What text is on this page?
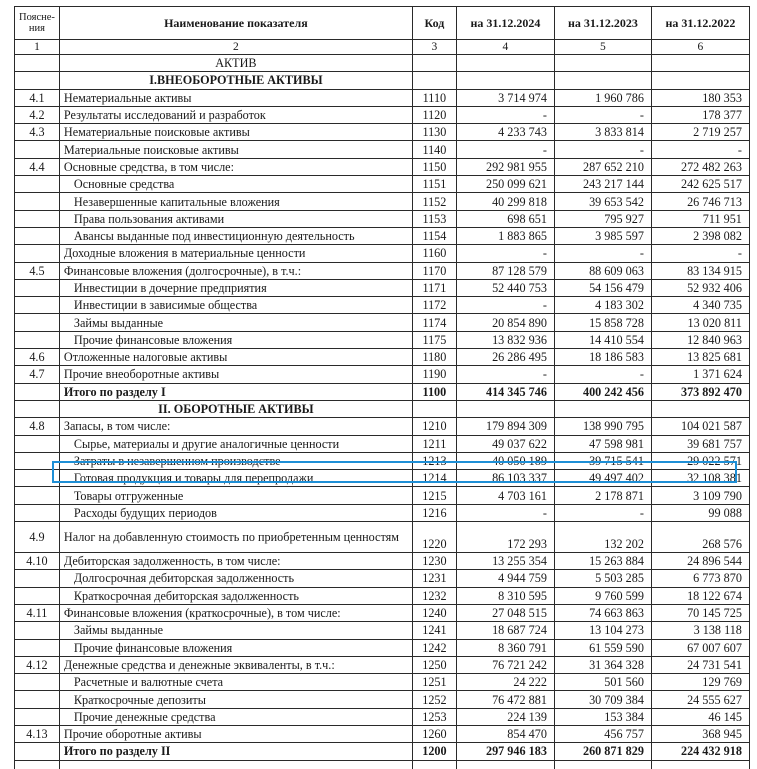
Поясне-ния	Наименование показателя	Код	на 31.12.2024	на 31.12.2023	на 31.12.2022
1	2	3	4	5	6
	АКТИВ				
	I.ВНЕОБОРОТНЫЕ АКТИВЫ				
4.1	Нематериальные активы	1110	3 714 974	1 960 786	180 353
4.2	Результаты исследований и разработок	1120	-	-	178 377
4.3	Нематериальные поисковые активы	1130	4 233 743	3 833 814	2 719 257
	Материальные поисковые активы	1140	-	-	-
4.4	Основные средства, в том числе:	1150	292 981 955	287 652 210	272 482 263
	Основные средства	1151	250 099 621	243 217 144	242 625 517
	Незавершенные капитальные вложения	1152	40 299 818	39 653 542	26 746 713
	Права пользования активами	1153	698 651	795 927	711 951
	Авансы выданные под инвестиционную деятельность	1154	1 883 865	3 985 597	2 398 082
	Доходные вложения в материальные ценности	1160	-	-	-
4.5	Финансовые вложения (долгосрочные), в т.ч.:	1170	87 128 579	88 609 063	83 134 915
	Инвестиции в дочерние предприятия	1171	52 440 753	54 156 479	52 932 406
	Инвестиции в зависимые общества	1172	-	4 183 302	4 340 735
	Займы выданные	1174	20 854 890	15 858 728	13 020 811
	Прочие финансовые вложения	1175	13 832 936	14 410 554	12 840 963
4.6	Отложенные налоговые активы	1180	26 286 495	18 186 583	13 825 681
4.7	Прочие внеоборотные активы	1190	-	-	1 371 624
	Итого по разделу I	1100	414 345 746	400 242 456	373 892 470
	II. ОБОРОТНЫЕ АКТИВЫ				
4.8	Запасы, в том числе:	1210	179 894 309	138 990 795	104 021 587
	Сырье, материалы и другие аналогичные ценности	1211	49 037 622	47 598 981	39 681 757
	Затраты в незавершенном производстве	1213	40 050 189	39 715 541	29 022 571
	Готовая продукция и товары для перепродажи	1214	86 103 337	49 497 402	32 108 381
	Товары отгруженные	1215	4 703 161	2 178 871	3 109 790
	Расходы будущих периодов	1216	-	-	99 088
4.9	Налог на добавленную стоимость по приобретенным ценностям	1220	172 293	132 202	268 576
4.10	Дебиторская задолженность, в том числе:	1230	13 255 354	15 263 884	24 896 544
	Долгосрочная дебиторская задолженность	1231	4 944 759	5 503 285	6 773 870
	Краткосрочная дебиторская задолженность	1232	8 310 595	9 760 599	18 122 674
4.11	Финансовые вложения (краткосрочные), в том числе:	1240	27 048 515	74 663 863	70 145 725
	Займы выданные	1241	18 687 724	13 104 273	3 138 118
	Прочие финансовые вложения	1242	8 360 791	61 559 590	67 007 607
4.12	Денежные средства и денежные эквиваленты, в т.ч.:	1250	76 721 242	31 364 328	24 731 541
	Расчетные и валютные счета	1251	24 222	501 560	129 769
	Краткосрочные депозиты	1252	76 472 881	30 709 384	24 555 627
	Прочие денежные средства	1253	224 139	153 384	46 145
4.13	Прочие оборотные активы	1260	854 470	456 757	368 945
	Итого по разделу II	1200	297 946 183	260 871 829	224 432 918
